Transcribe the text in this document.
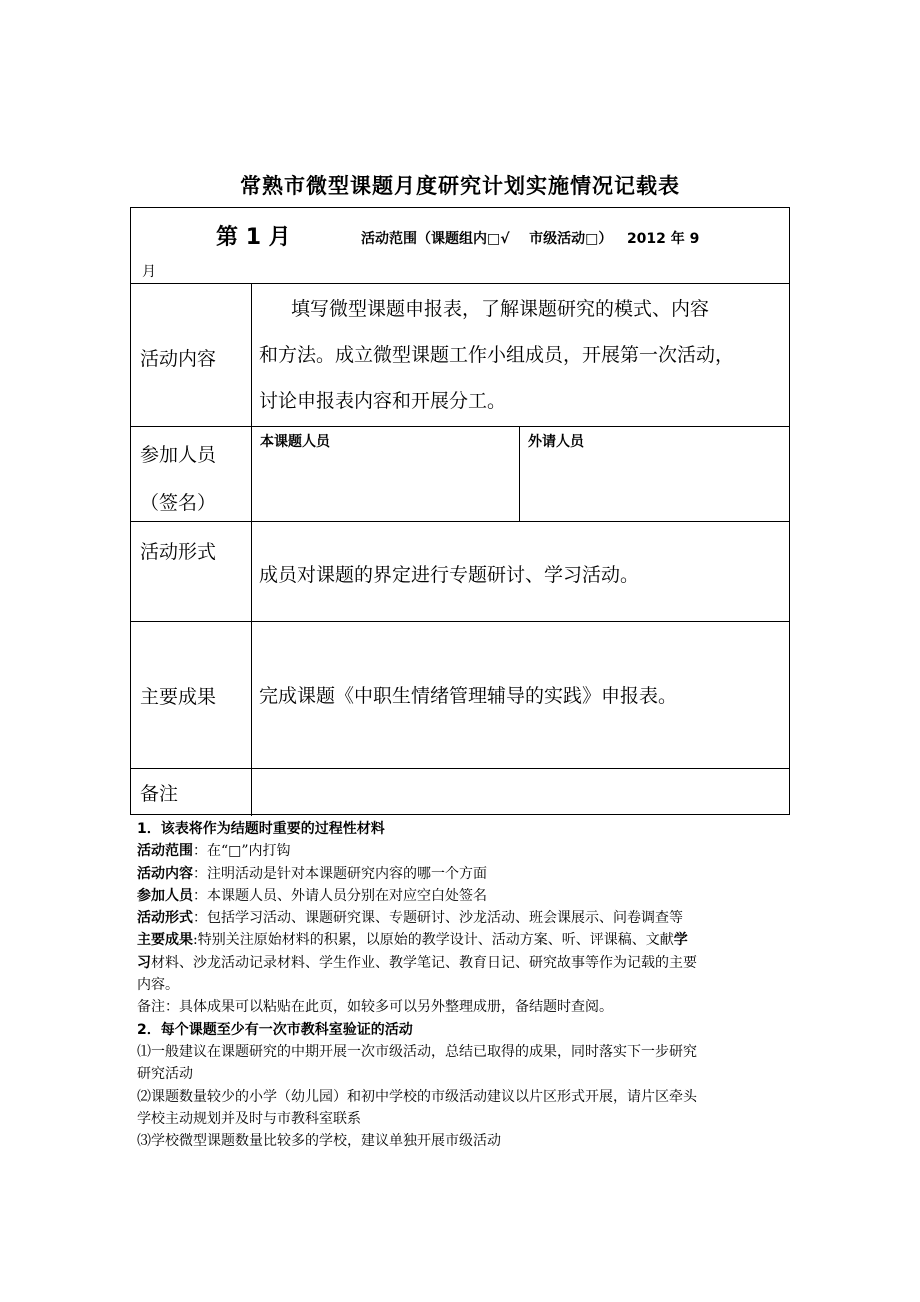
常熟市微型课题月度研究计划实施情况记载表
第 1 月	活动范围（课题组内□√ 市级活动□） 2012 年 9
月
活动内容
填写微型课题申报表，了解课题研究的模式、内容
和方法。成立微型课题工作小组成员，开展第一次活动，
讨论申报表内容和开展分工。
参加人员
（签名）
本课题人员	外请人员
活动形式
成员对课题的界定进行专题研讨、学习活动。
主要成果 完成课题《中职生情绪管理辅导的实践》申报表。
备注

1．该表将作为结题时重要的过程性材料

活动范围：在“□”内打钩

活动内容：注明活动是针对本课题研究内容的哪一个方面

参加人员：本课题人员、外请人员分别在对应空白处签名

活动形式：包括学习活动、课题研究课、专题研讨、沙龙活动、班会课展示、问卷调查等

主要成果:特别关注原始材料的积累，以原始的教学设计、活动方案、听、评课稿、文献学

习材料、沙龙活动记录材料、学生作业、教学笔记、教育日记、研究故事等作为记载的主要

内容。

备注：具体成果可以粘贴在此页，如较多可以另外整理成册，备结题时查阅。

2．每个课题至少有一次市教科室验证的活动

⑴一般建议在课题研究的中期开展一次市级活动，总结已取得的成果，同时落实下一步研究

研究活动

⑵课题数量较少的小学（幼儿园）和初中学校的市级活动建议以片区形式开展，请片区牵头

学校主动规划并及时与市教科室联系

⑶学校微型课题数量比较多的学校，建议单独开展市级活动
